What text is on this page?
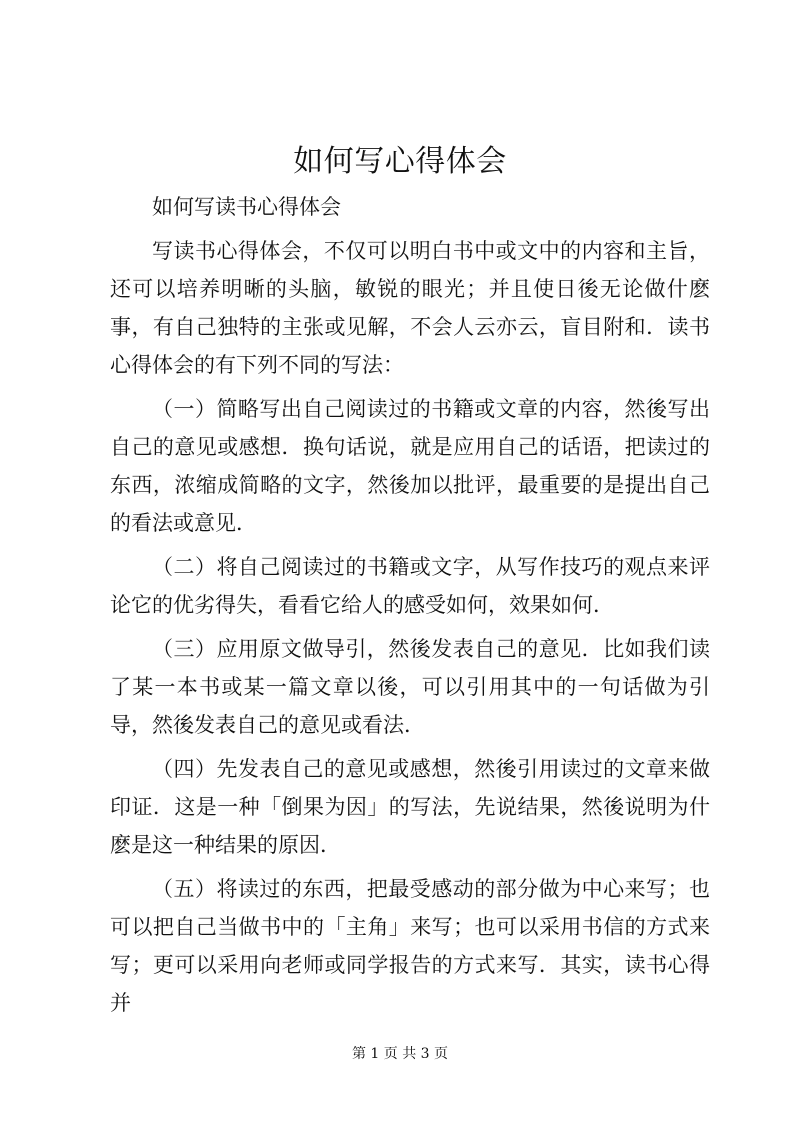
如何写心得体会

如何写读书心得体会

写读书心得体会，不仅可以明白书中或文中的内容和主旨，还可以培养明晰的头脑，敏锐的眼光；并且使日後无论做什麽事，有自己独特的主张或见解，不会人云亦云，盲目附和．读书心得体会的有下列不同的写法：

（一）简略写出自己阅读过的书籍或文章的内容，然後写出自己的意见或感想．换句话说，就是应用自己的话语，把读过的东西，浓缩成简略的文字，然後加以批评，最重要的是提出自己的看法或意见．

（二）将自己阅读过的书籍或文字，从写作技巧的观点来评论它的优劣得失，看看它给人的感受如何，效果如何．

（三）应用原文做导引，然後发表自己的意见．比如我们读了某一本书或某一篇文章以後，可以引用其中的一句话做为引导，然後发表自己的意见或看法．

（四）先发表自己的意见或感想，然後引用读过的文章来做印证．这是一种「倒果为因」的写法，先说结果，然後说明为什麽是这一种结果的原因．

（五）将读过的东西，把最受感动的部分做为中心来写；也可以把自己当做书中的「主角」来写；也可以采用书信的方式来写；更可以采用向老师或同学报告的方式来写．其实，读书心得并

第 1 页 共 3 页
